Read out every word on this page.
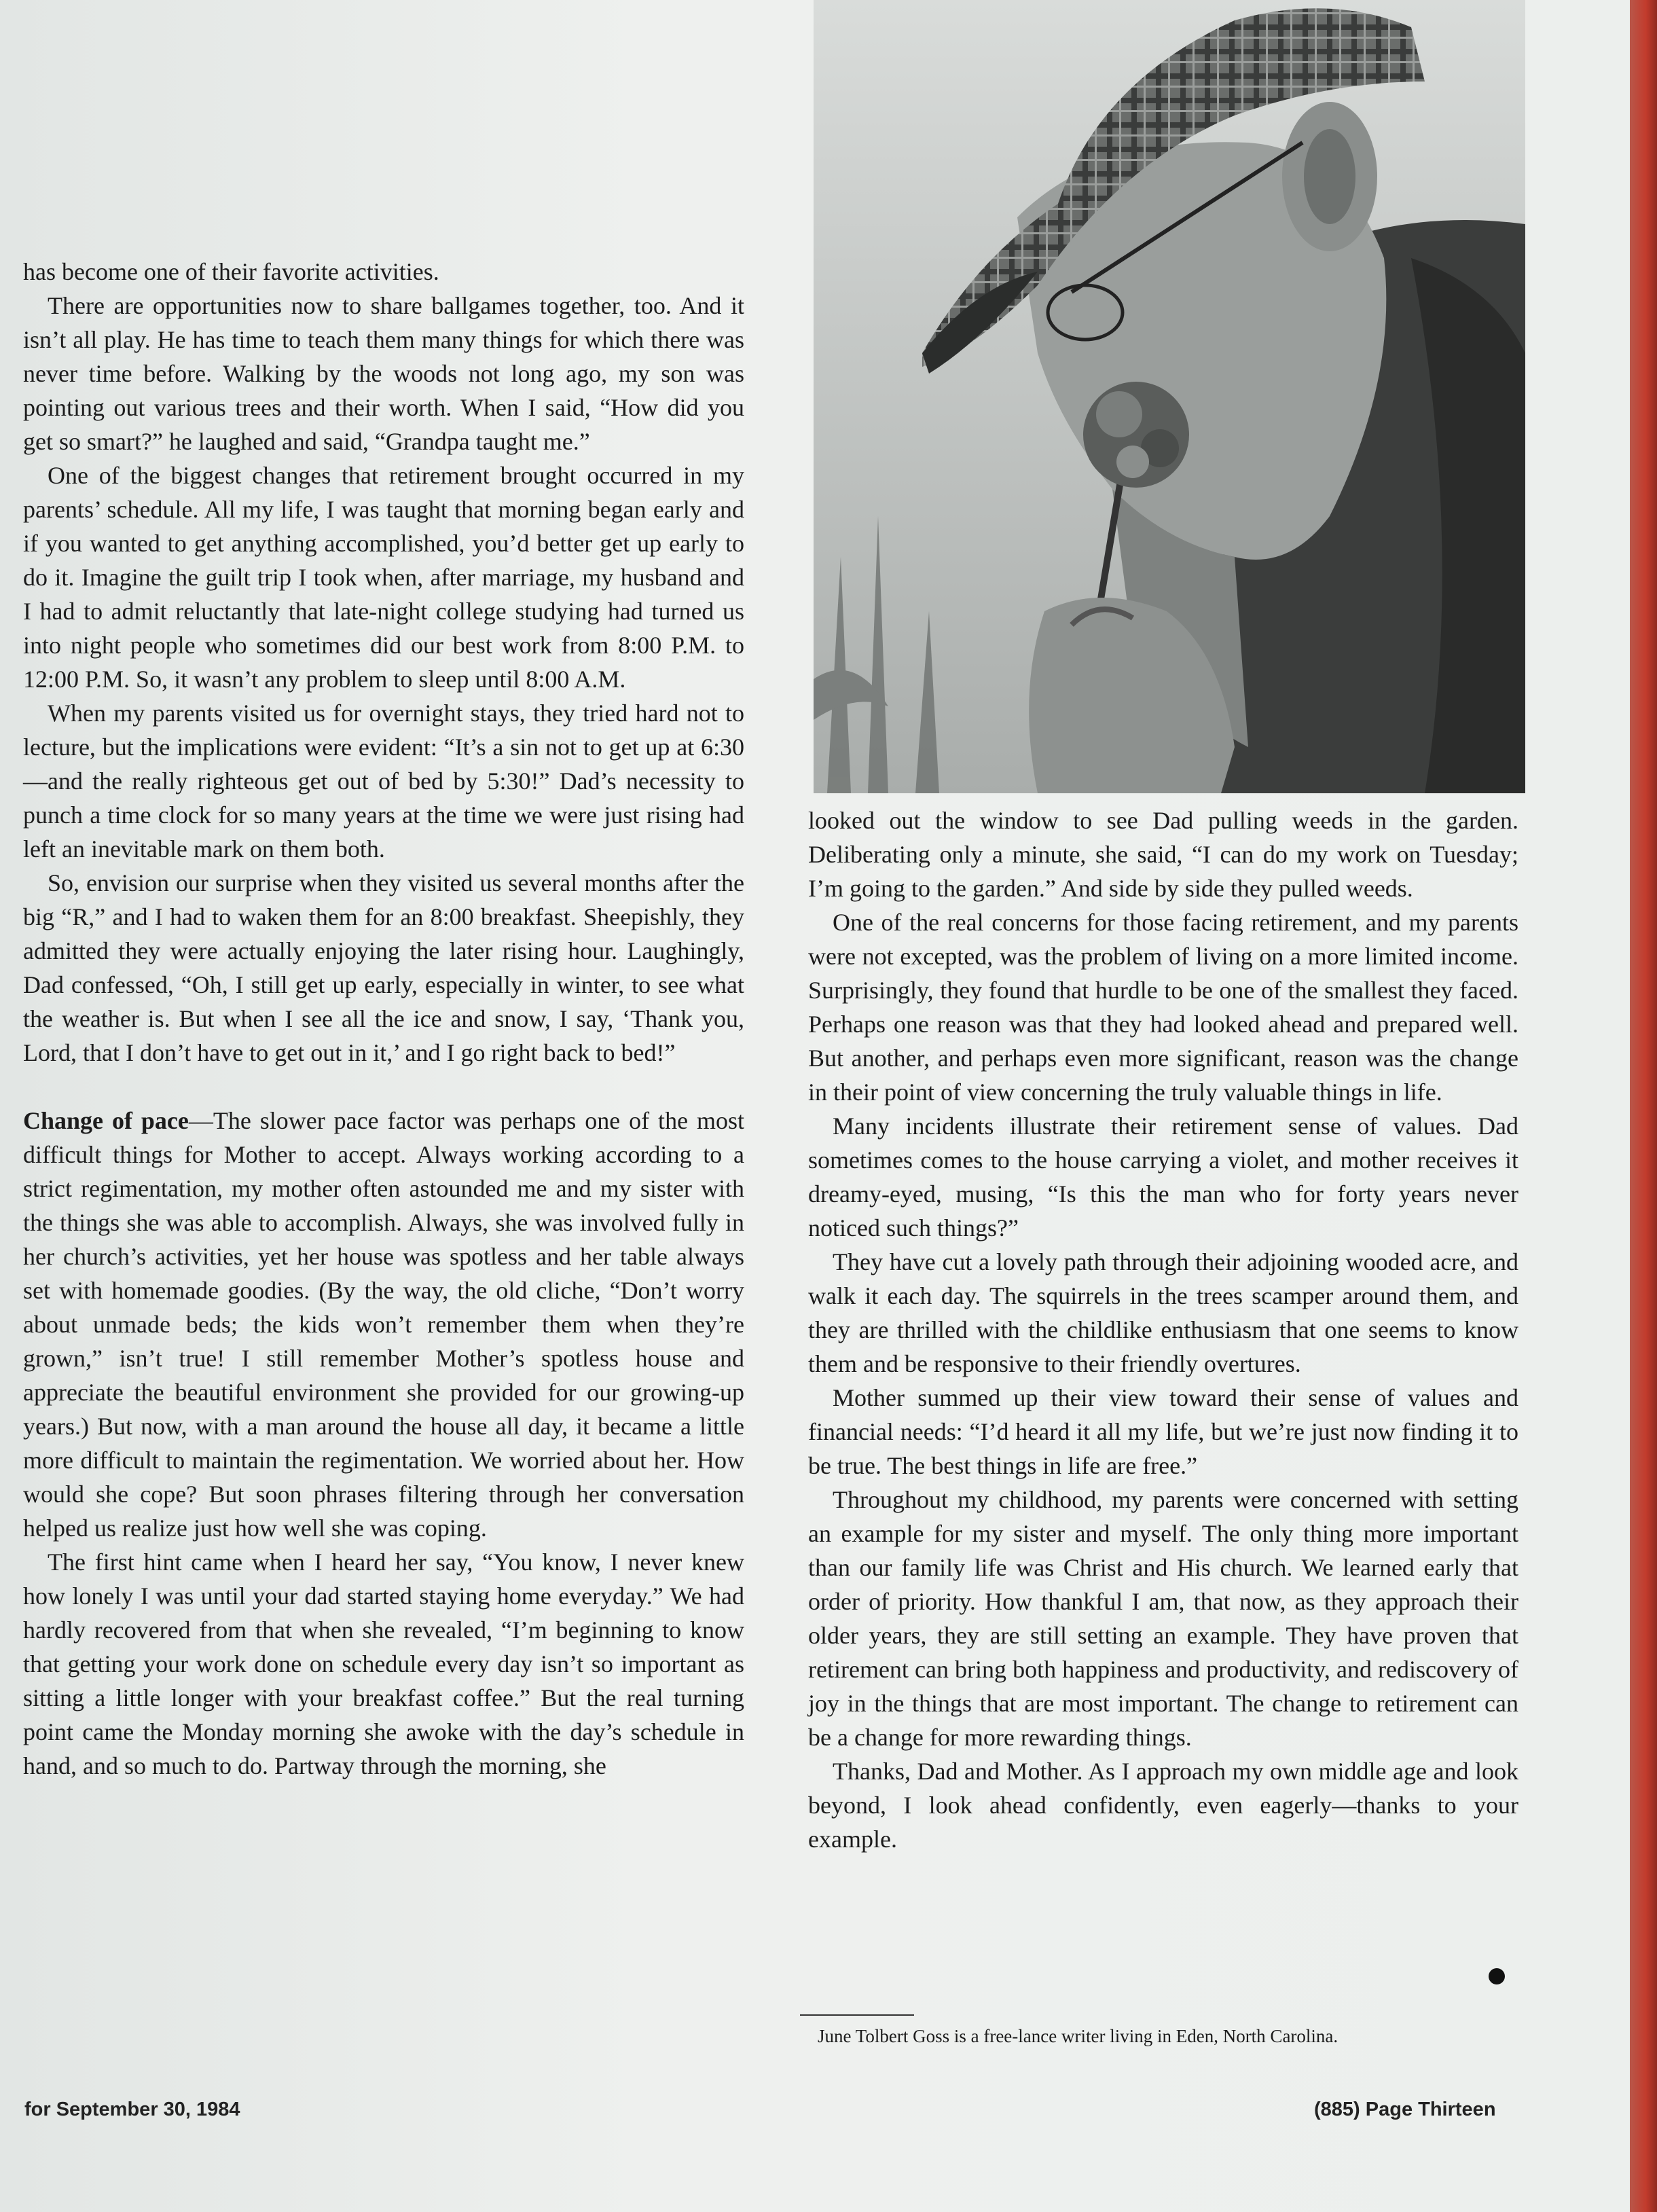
has become one of their favorite activities.

There are opportunities now to share ballgames together, too. And it isn’t all play. He has time to teach them many things for which there was never time before. Walking by the woods not long ago, my son was pointing out various trees and their worth. When I said, “How did you get so smart?” he laughed and said, “Grandpa taught me.”

One of the biggest changes that retirement brought occurred in my parents’ schedule. All my life, I was taught that morning began early and if you wanted to get anything accomplished, you’d better get up early to do it. Imagine the guilt trip I took when, after marriage, my husband and I had to admit reluctantly that late-night college studying had turned us into night people who sometimes did our best work from 8:00 P.M. to 12:00 P.M. So, it wasn’t any problem to sleep until 8:00 A.M.

When my parents visited us for overnight stays, they tried hard not to lecture, but the implications were evident: “It’s a sin not to get up at 6:30—and the really righteous get out of bed by 5:30!” Dad’s necessity to punch a time clock for so many years at the time we were just rising had left an inevitable mark on them both.

So, envision our surprise when they visited us several months after the big “R,” and I had to waken them for an 8:00 breakfast. Sheepishly, they admitted they were actually enjoying the later rising hour. Laughingly, Dad confessed, “Oh, I still get up early, especially in winter, to see what the weather is. But when I see all the ice and snow, I say, ‘Thank you, Lord, that I don’t have to get out in it,’ and I go right back to bed!”

Change of pace—The slower pace factor was perhaps one of the most difficult things for Mother to accept. Always working according to a strict regimentation, my mother often astounded me and my sister with the things she was able to accomplish. Always, she was involved fully in her church’s activities, yet her house was spotless and her table always set with homemade goodies. (By the way, the old cliche, “Don’t worry about unmade beds; the kids won’t remember them when they’re grown,” isn’t true! I still remember Mother’s spotless house and appreciate the beautiful environment she provided for our growing-up years.) But now, with a man around the house all day, it became a little more difficult to maintain the regimentation. We worried about her. How would she cope? But soon phrases filtering through her conversation helped us realize just how well she was coping.

The first hint came when I heard her say, “You know, I never knew how lonely I was until your dad started staying home everyday.” We had hardly recovered from that when she revealed, “I’m beginning to know that getting your work done on schedule every day isn’t so important as sitting a little longer with your breakfast coffee.” But the real turning point came the Monday morning she awoke with the day’s schedule in hand, and so much to do. Partway through the morning, she

looked out the window to see Dad pulling weeds in the garden. Deliberating only a minute, she said, “I can do my work on Tuesday; I’m going to the garden.” And side by side they pulled weeds.

One of the real concerns for those facing retirement, and my parents were not excepted, was the problem of living on a more limited income. Surprisingly, they found that hurdle to be one of the smallest they faced. Perhaps one reason was that they had looked ahead and prepared well. But another, and perhaps even more significant, reason was the change in their point of view concerning the truly valuable things in life.

Many incidents illustrate their retirement sense of values. Dad sometimes comes to the house carrying a violet, and mother receives it dreamy-eyed, musing, “Is this the man who for forty years never noticed such things?”

They have cut a lovely path through their adjoining wooded acre, and walk it each day. The squirrels in the trees scamper around them, and they are thrilled with the childlike enthusiasm that one seems to know them and be responsive to their friendly overtures.

Mother summed up their view toward their sense of values and financial needs: “I’d heard it all my life, but we’re just now finding it to be true. The best things in life are free.”

Throughout my childhood, my parents were concerned with setting an example for my sister and myself. The only thing more important than our family life was Christ and His church. We learned early that order of priority. How thankful I am, that now, as they approach their older years, they are still setting an example. They have proven that retirement can bring both happiness and productivity, and rediscovery of joy in the things that are most important. The change to retirement can be a change for more rewarding things.

Thanks, Dad and Mother. As I approach my own middle age and look beyond, I look ahead confidently, even eagerly—thanks to your example.

June Tolbert Goss is a free-lance writer living in Eden, North Carolina.
for September 30, 1984	(885) Page Thirteen
